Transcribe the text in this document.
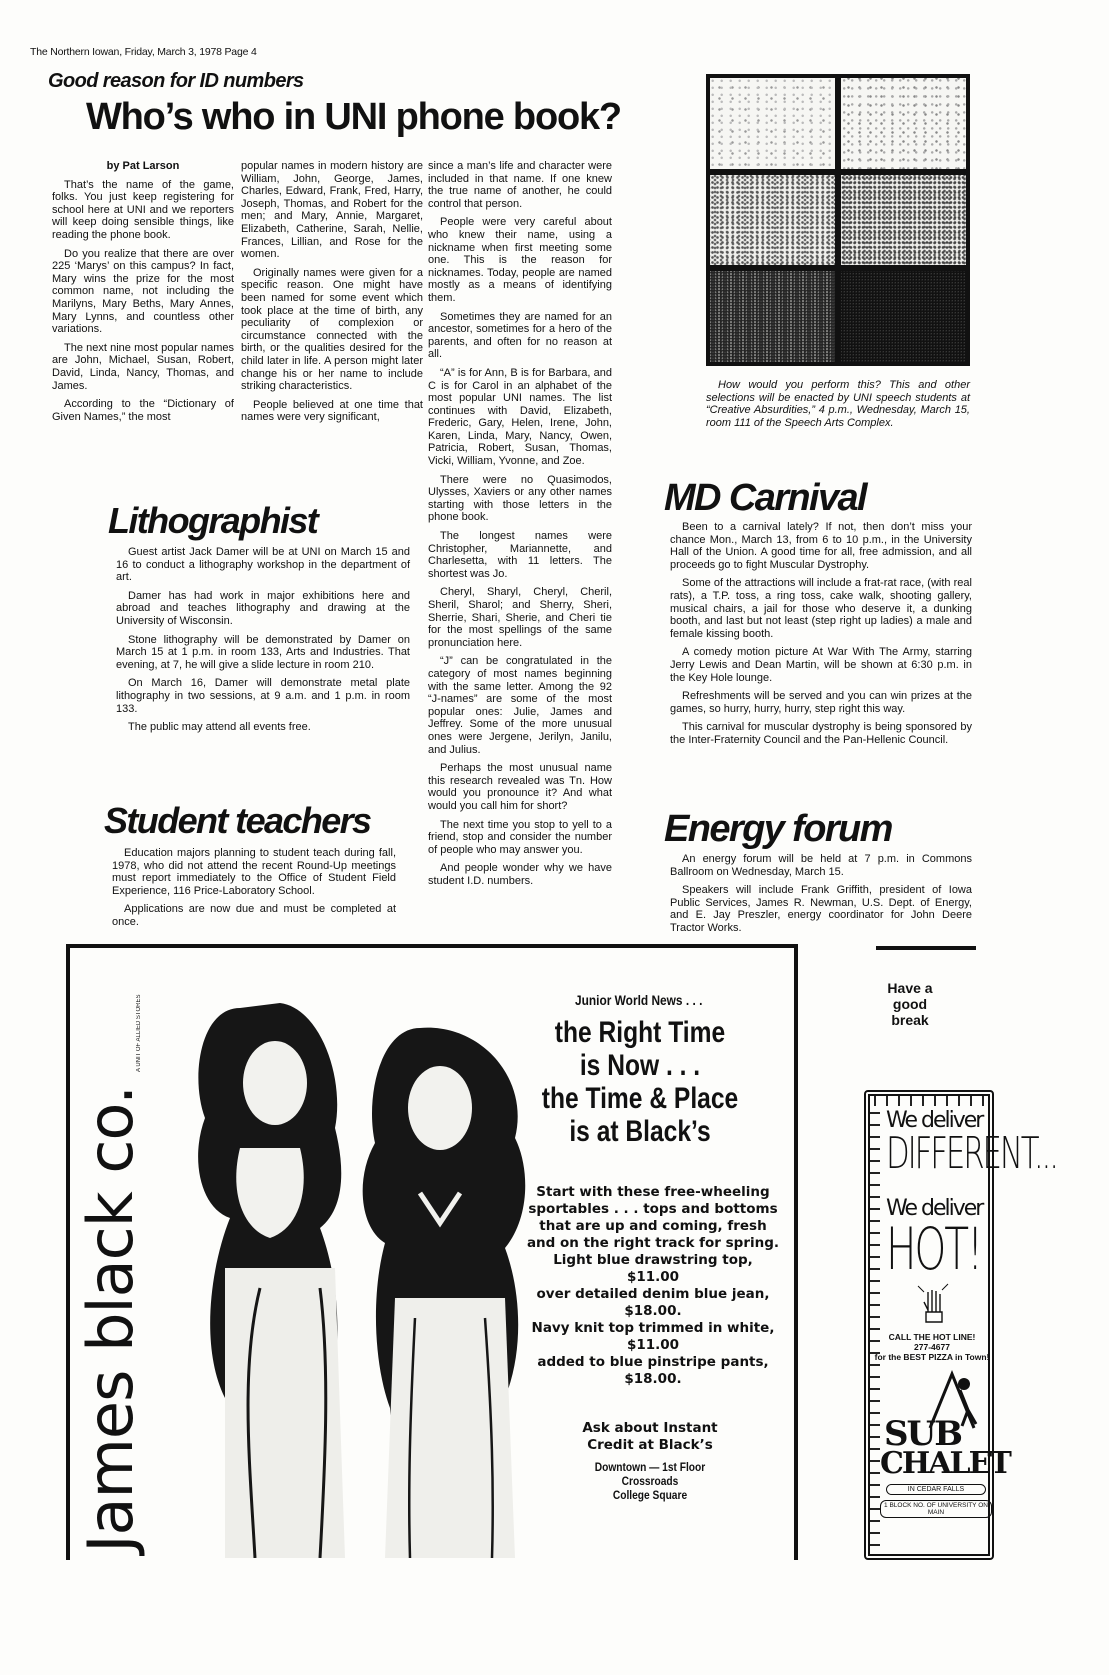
The Northern Iowan, Friday, March 3, 1978 Page 4
Good reason for ID numbers
Who’s who in UNI phone book?

by Pat Larson

That’s the name of the game, folks. You just keep registering for school here at UNI and we reporters will keep doing sensible things, like reading the phone book.

Do you realize that there are over 225 ‘Marys’ on this campus? In fact, Mary wins the prize for the most common name, not including the Marilyns, Mary Beths, Mary Annes, Mary Lynns, and countless other variations.

The next nine most popular names are John, Michael, Susan, Robert, David, Linda, Nancy, Thomas, and James.

According to the “Dictionary of Given Names,” the most

popular names in modern history are William, John, George, James, Charles, Edward, Frank, Fred, Harry, Joseph, Thomas, and Robert for the men; and Mary, Annie, Margaret, Elizabeth, Catherine, Sarah, Nellie, Frances, Lillian, and Rose for the women.

Originally names were given for a specific reason. One might have been named for some event which took place at the time of birth, any peculiarity of complexion or circumstance connected with the birth, or the qualities desired for the child later in life. A person might later change his or her name to include striking characteristics.

People believed at one time that names were very significant,

since a man’s life and character were included in that name. If one knew the true name of another, he could control that person.

People were very careful about who knew their name, using a nickname when first meeting some one. This is the reason for nicknames. Today, people are named mostly as a means of identifying them.

Sometimes they are named for an ancestor, sometimes for a hero of the parents, and often for no reason at all.

“A” is for Ann, B is for Barbara, and C is for Carol in an alphabet of the most popular UNI names. The list continues with David, Elizabeth, Frederic, Gary, Helen, Irene, John, Karen, Linda, Mary, Nancy, Owen, Patricia, Robert, Susan, Thomas, Vicki, William, Yvonne, and Zoe.

There were no Quasimodos, Ulysses, Xaviers or any other names starting with those letters in the phone book.

The longest names were Christopher, Mariannette, and Charlesetta, with 11 letters. The shortest was Jo.

Cheryl, Sharyl, Cheryl, Cheril, Sheril, Sharol; and Sherry, Sheri, Sherrie, Shari, Sherie, and Cheri tie for the most spellings of the same pronunciation here.

“J” can be congratulated in the category of most names beginning with the same letter. Among the 92 “J-names” are some of the most popular ones: Julie, James and Jeffrey. Some of the more unusual ones were Jergene, Jerilyn, Janilu, and Julius.

Perhaps the most unusual name this research revealed was Tn. How would you pronounce it? And what would you call him for short?

The next time you stop to yell to a friend, stop and consider the number of people who may answer you.

And people wonder why we have student I.D. numbers.

How would you perform this? This and other selections will be enacted by UNI speech students at “Creative Absurdities,” 4 p.m., Wednesday, March 15, room 111 of the Speech Arts Complex.

Lithographist

Guest artist Jack Damer will be at UNI on March 15 and 16 to conduct a lithography workshop in the department of art.

Damer has had work in major exhibitions here and abroad and teaches lithography and drawing at the University of Wisconsin.

Stone lithography will be demonstrated by Damer on March 15 at 1 p.m. in room 133, Arts and Industries. That evening, at 7, he will give a slide lecture in room 210.

On March 16, Damer will demonstrate metal plate lithography in two sessions, at 9 a.m. and 1 p.m. in room 133.

The public may attend all events free.

Student teachers

Education majors planning to student teach during fall, 1978, who did not attend the recent Round-Up meetings must report immediately to the Office of Student Field Experience, 116 Price-Laboratory School.

Applications are now due and must be completed at once.

MD Carnival

Been to a carnival lately? If not, then don’t miss your chance Mon., March 13, from 6 to 10 p.m., in the University Hall of the Union. A good time for all, free admission, and all proceeds go to fight Muscular Dystrophy.

Some of the attractions will include a frat-rat race, (with real rats), a T.P. toss, a ring toss, cake walk, shooting gallery, musical chairs, a jail for those who deserve it, a dunking booth, and last but not least (step right up ladies) a male and female kissing booth.

A comedy motion picture At War With The Army, starring Jerry Lewis and Dean Martin, will be shown at 6:30 p.m. in the Key Hole lounge.

Refreshments will be served and you can win prizes at the games, so hurry, hurry, hurry, step right this way.

This carnival for muscular dystrophy is being sponsored by the Inter-Fraternity Council and the Pan-Hellenic Council.

Energy forum

An energy forum will be held at 7 p.m. in Commons Ballroom on Wednesday, March 15.

Speakers will include Frank Griffith, president of Iowa Public Services, James R. Newman, U.S. Dept. of Energy, and E. Jay Preszler, energy coordinator for John Deere Tractor Works.

James black co.
A UNIT OF ALLIED STORES	Junior World News . . .
the Right Time
is Now . . .
the Time & Place
is at Black’s
Start with these free-wheeling
sportables . . . tops and bottoms
that are up and coming, fresh
and on the right track for spring.
Light blue drawstring top,
$11.00
over detailed denim blue jean,
$18.00.
Navy knit top trimmed in white,
$11.00
added to blue pinstripe pants,
$18.00.
Ask about Instant
Credit at Black’s
Downtown — 1st Floor
Crossroads
College Square
Have a
good
break
We deliver
DIFFERENT...
We deliver
HOT!
CALL THE HOT LINE!
277-4677
for the BEST PIZZA in Town!
SUB
CHALET
IN CEDAR FALLS
1 BLOCK NO. OF UNIVERSITY ON MAIN
